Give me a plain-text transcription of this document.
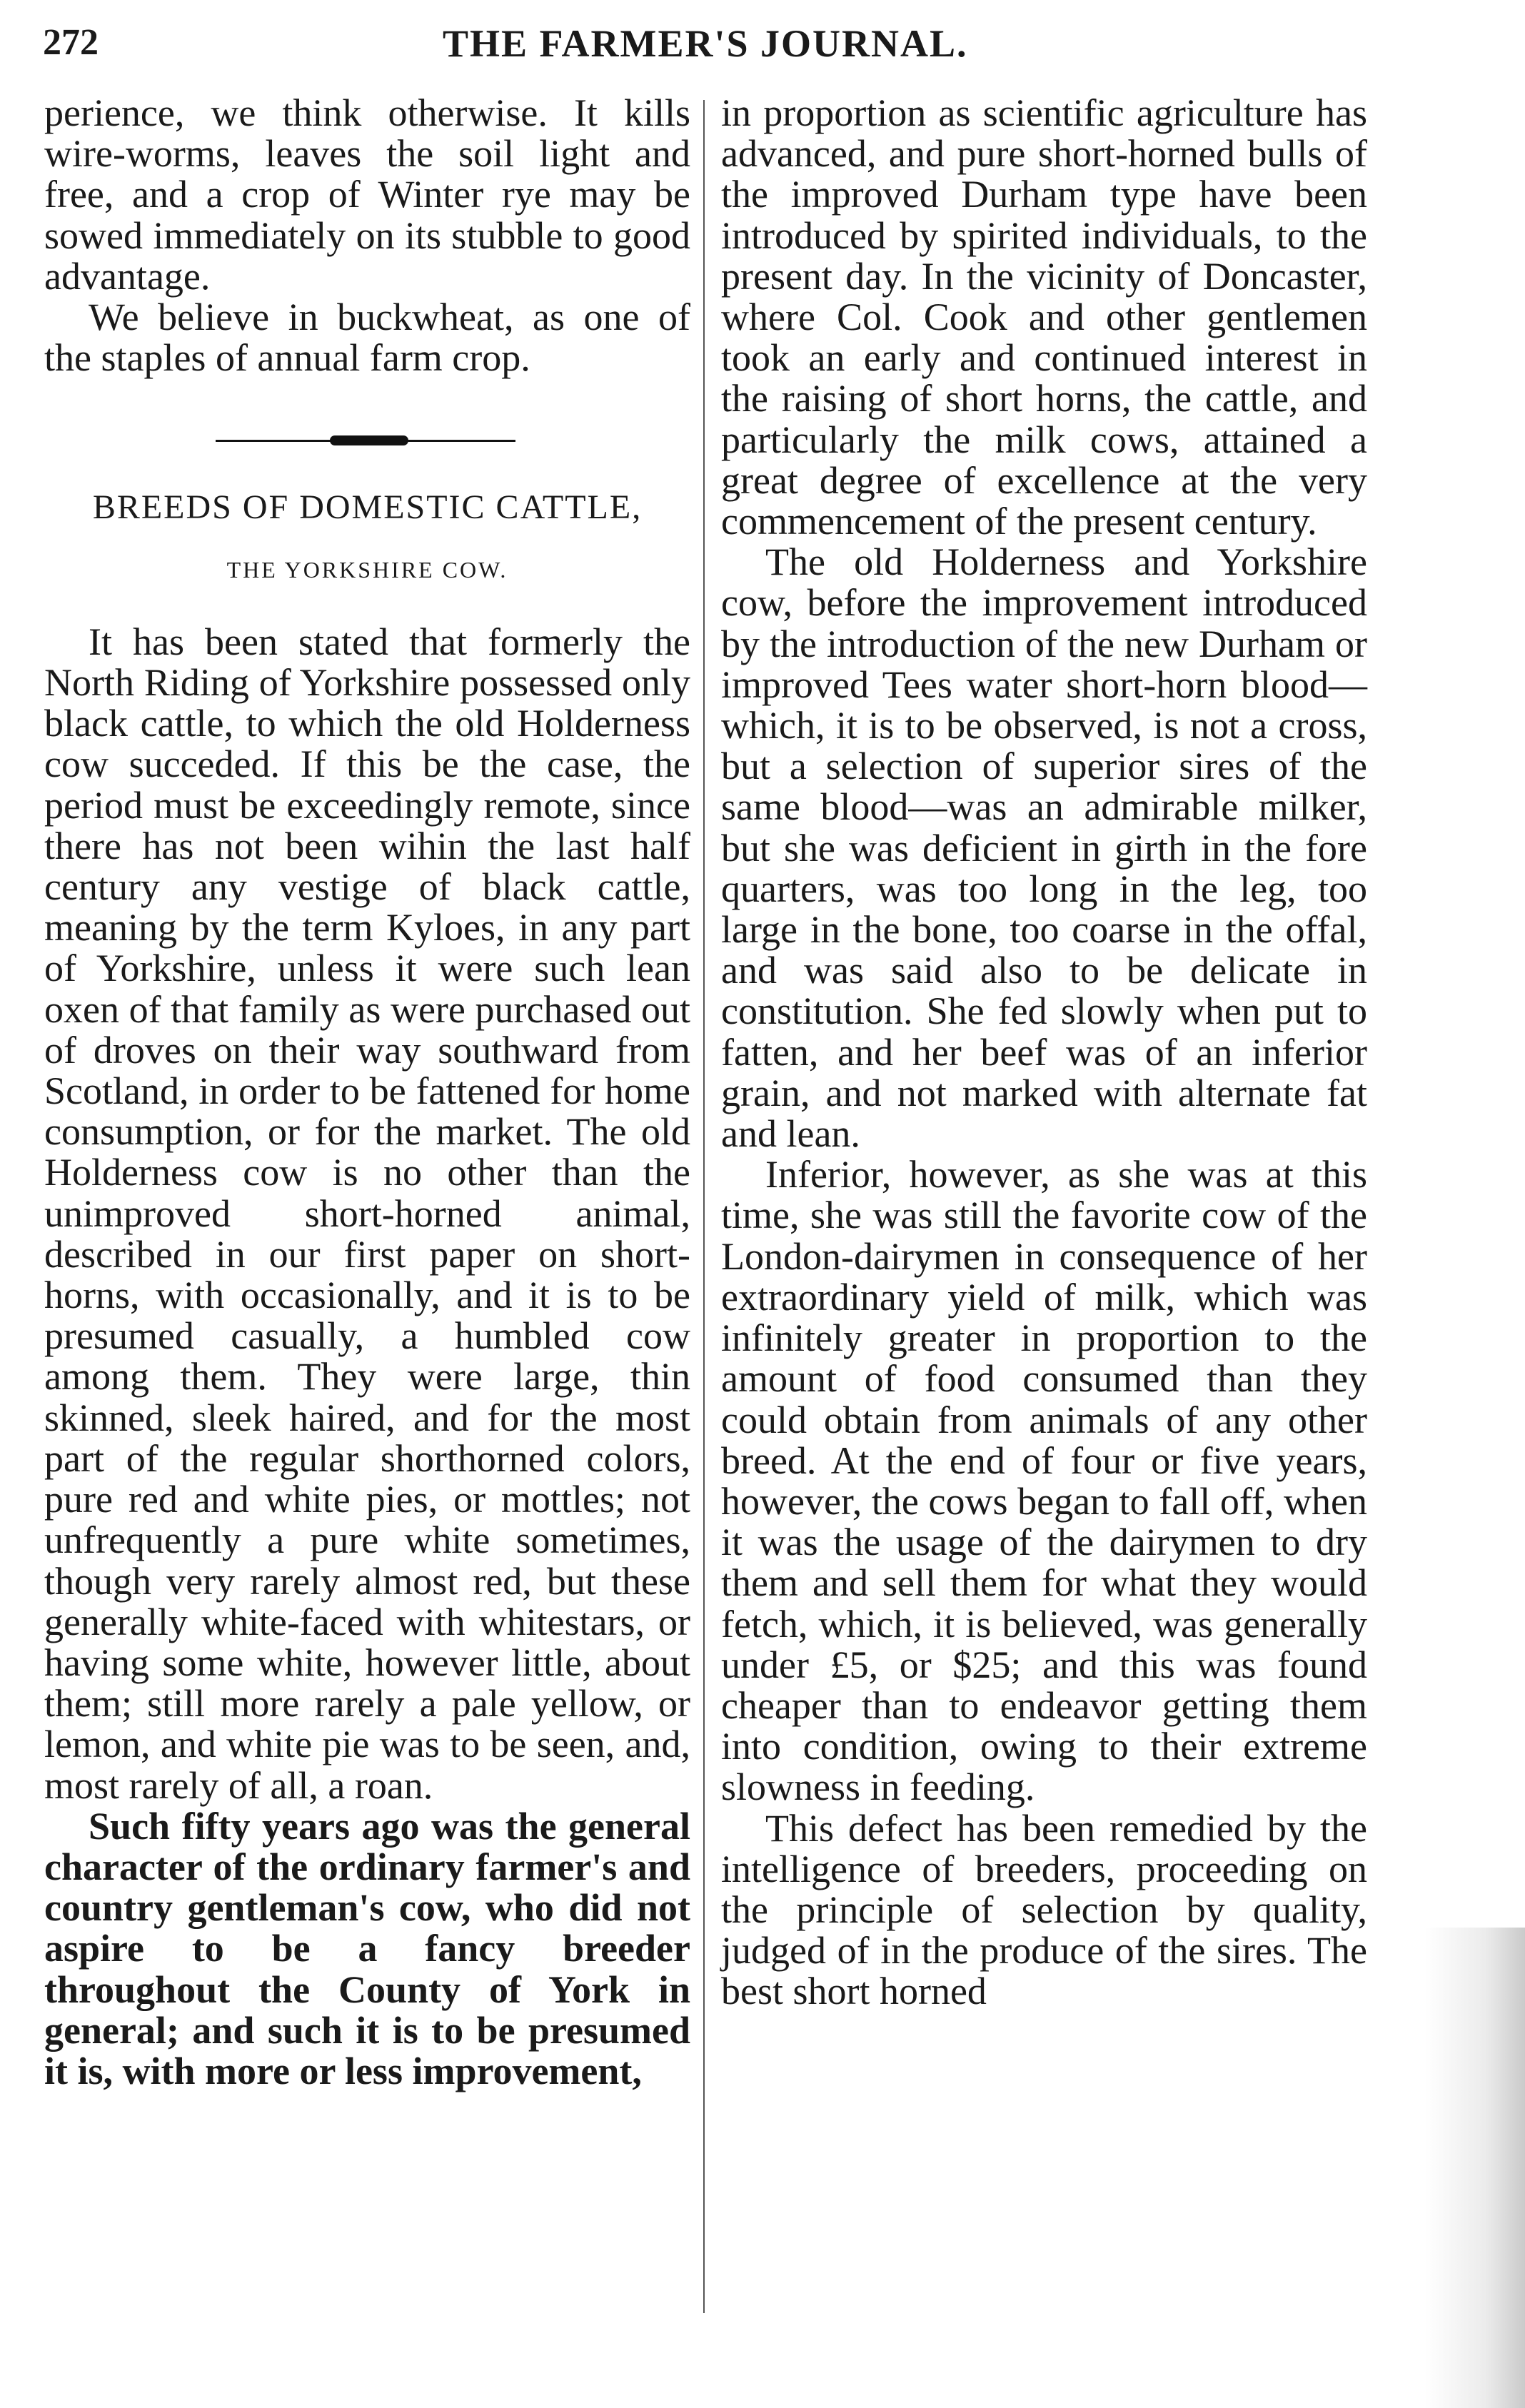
272	THE FARMER'S JOURNAL.

perience, we think otherwise. It kills wire-worms, leaves the soil light and free, and a crop of Winter rye may be sowed immediately on its stubble to good advantage.

We believe in buckwheat, as one of the staples of annual farm crop.

BREEDS OF DOMESTIC CATTLE,

THE YORKSHIRE COW.

It has been stated that formerly the North Riding of Yorkshire possessed only black cattle, to which the old Holderness cow succeded. If this be the case, the period must be exceedingly remote, since there has not been wihin the last half century any vestige of black cattle, meaning by the term Kyloes, in any part of Yorkshire, unless it were such lean oxen of that family as were purchased out of droves on their way southward from Scotland, in order to be fattened for home consumption, or for the market. The old Holderness cow is no other than the unimproved short-horned animal, described in our first paper on short-horns, with occasionally, and it is to be presumed casually, a humbled cow among them. They were large, thin skinned, sleek haired, and for the most part of the regular shorthorned colors, pure red and white pies, or mottles; not unfrequently a pure white sometimes, though very rarely almost red, but these generally white-faced with whitestars, or having some white, however little, about them; still more rarely a pale yellow, or lemon, and white pie was to be seen, and, most rarely of all, a roan.

Such fifty years ago was the general character of the ordinary farmer's and country gentleman's cow, who did not aspire to be a fancy breeder throughout the County of York in general; and such it is to be presumed it is, with more or less improvement,

in proportion as scientific agriculture has advanced, and pure short-horned bulls of the improved Durham type have been introduced by spirited individuals, to the present day. In the vicinity of Doncaster, where Col. Cook and other gentlemen took an early and continued interest in the raising of short horns, the cattle, and particularly the milk cows, attained a great degree of excellence at the very commencement of the present century.

The old Holderness and Yorkshire cow, before the improvement introduced by the introduction of the new Durham or improved Tees water short-horn blood—which, it is to be observed, is not a cross, but a selection of superior sires of the same blood—was an admirable milker, but she was deficient in girth in the fore quarters, was too long in the leg, too large in the bone, too coarse in the offal, and was said also to be delicate in constitution. She fed slowly when put to fatten, and her beef was of an inferior grain, and not marked with alternate fat and lean.

Inferior, however, as she was at this time, she was still the favorite cow of the London-dairymen in consequence of her extraordinary yield of milk, which was infinitely greater in proportion to the amount of food consumed than they could obtain from animals of any other breed. At the end of four or five years, however, the cows began to fall off, when it was the usage of the dairymen to dry them and sell them for what they would fetch, which, it is believed, was generally under £5, or $25; and this was found cheaper than to endeavor getting them into condition, owing to their extreme slowness in feeding.

This defect has been remedied by the intelligence of breeders, proceeding on the principle of selection by quality, judged of in the produce of the sires. The best short horned
